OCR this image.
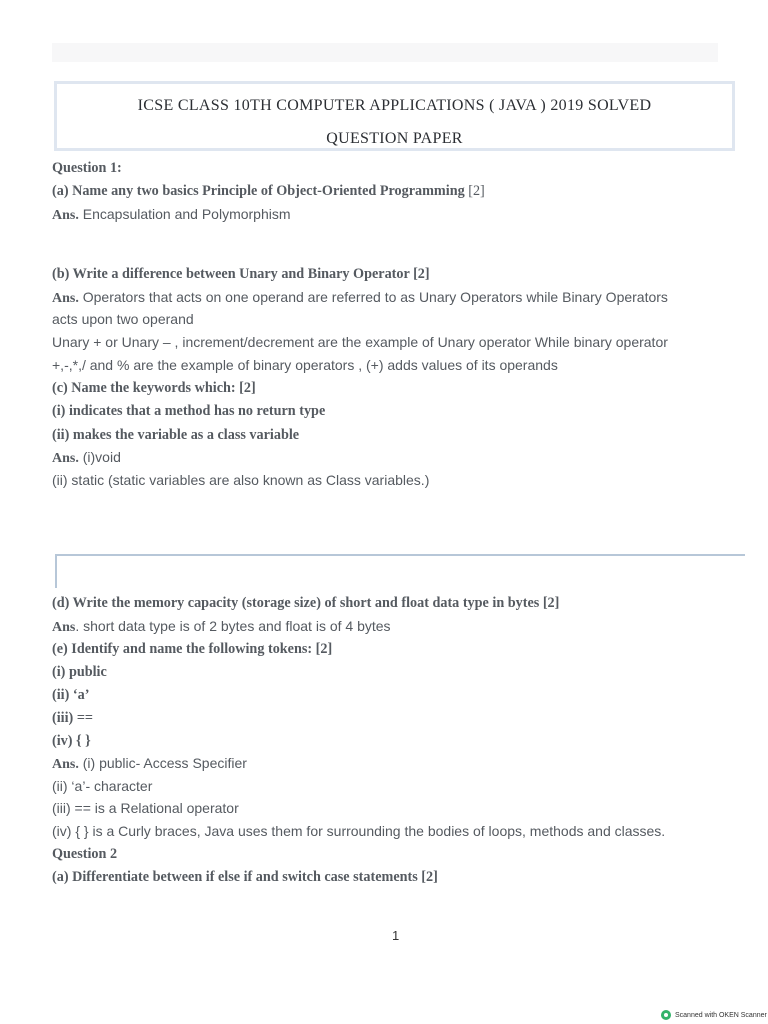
ICSE CLASS 10TH COMPUTER APPLICATIONS ( JAVA ) 2019 SOLVED
QUESTION PAPER
Question 1:
(a) Name any two basics Principle of Object-Oriented Programming [2]
Ans. Encapsulation and Polymorphism
(b) Write a difference between Unary and Binary Operator [2]
Ans. Operators that acts on one operand are referred to as Unary Operators while Binary Operators
acts upon two operand
Unary + or Unary – , increment/decrement are the example of Unary operator While binary operator
+,-,*,/ and % are the example of binary operators , (+) adds values of its operands
(c) Name the keywords which: [2]
(i) indicates that a method has no return type
(ii) makes the variable as a class variable
Ans. (i)void
(ii) static (static variables are also known as Class variables.)
(d) Write the memory capacity (storage size) of short and float data type in bytes [2]
Ans. short data type is of 2 bytes and float is of 4 bytes
(e) Identify and name the following tokens: [2]
(i) public
(ii) ‘a’
(iii) ==
(iv) { }
Ans. (i) public- Access Specifier
(ii) ‘a’- character
(iii) == is a Relational operator
(iv) { } is a Curly braces, Java uses them for surrounding the bodies of loops, methods and classes.
Question 2
(a) Differentiate between if else if and switch case statements [2]
1
Scanned with OKEN Scanner
